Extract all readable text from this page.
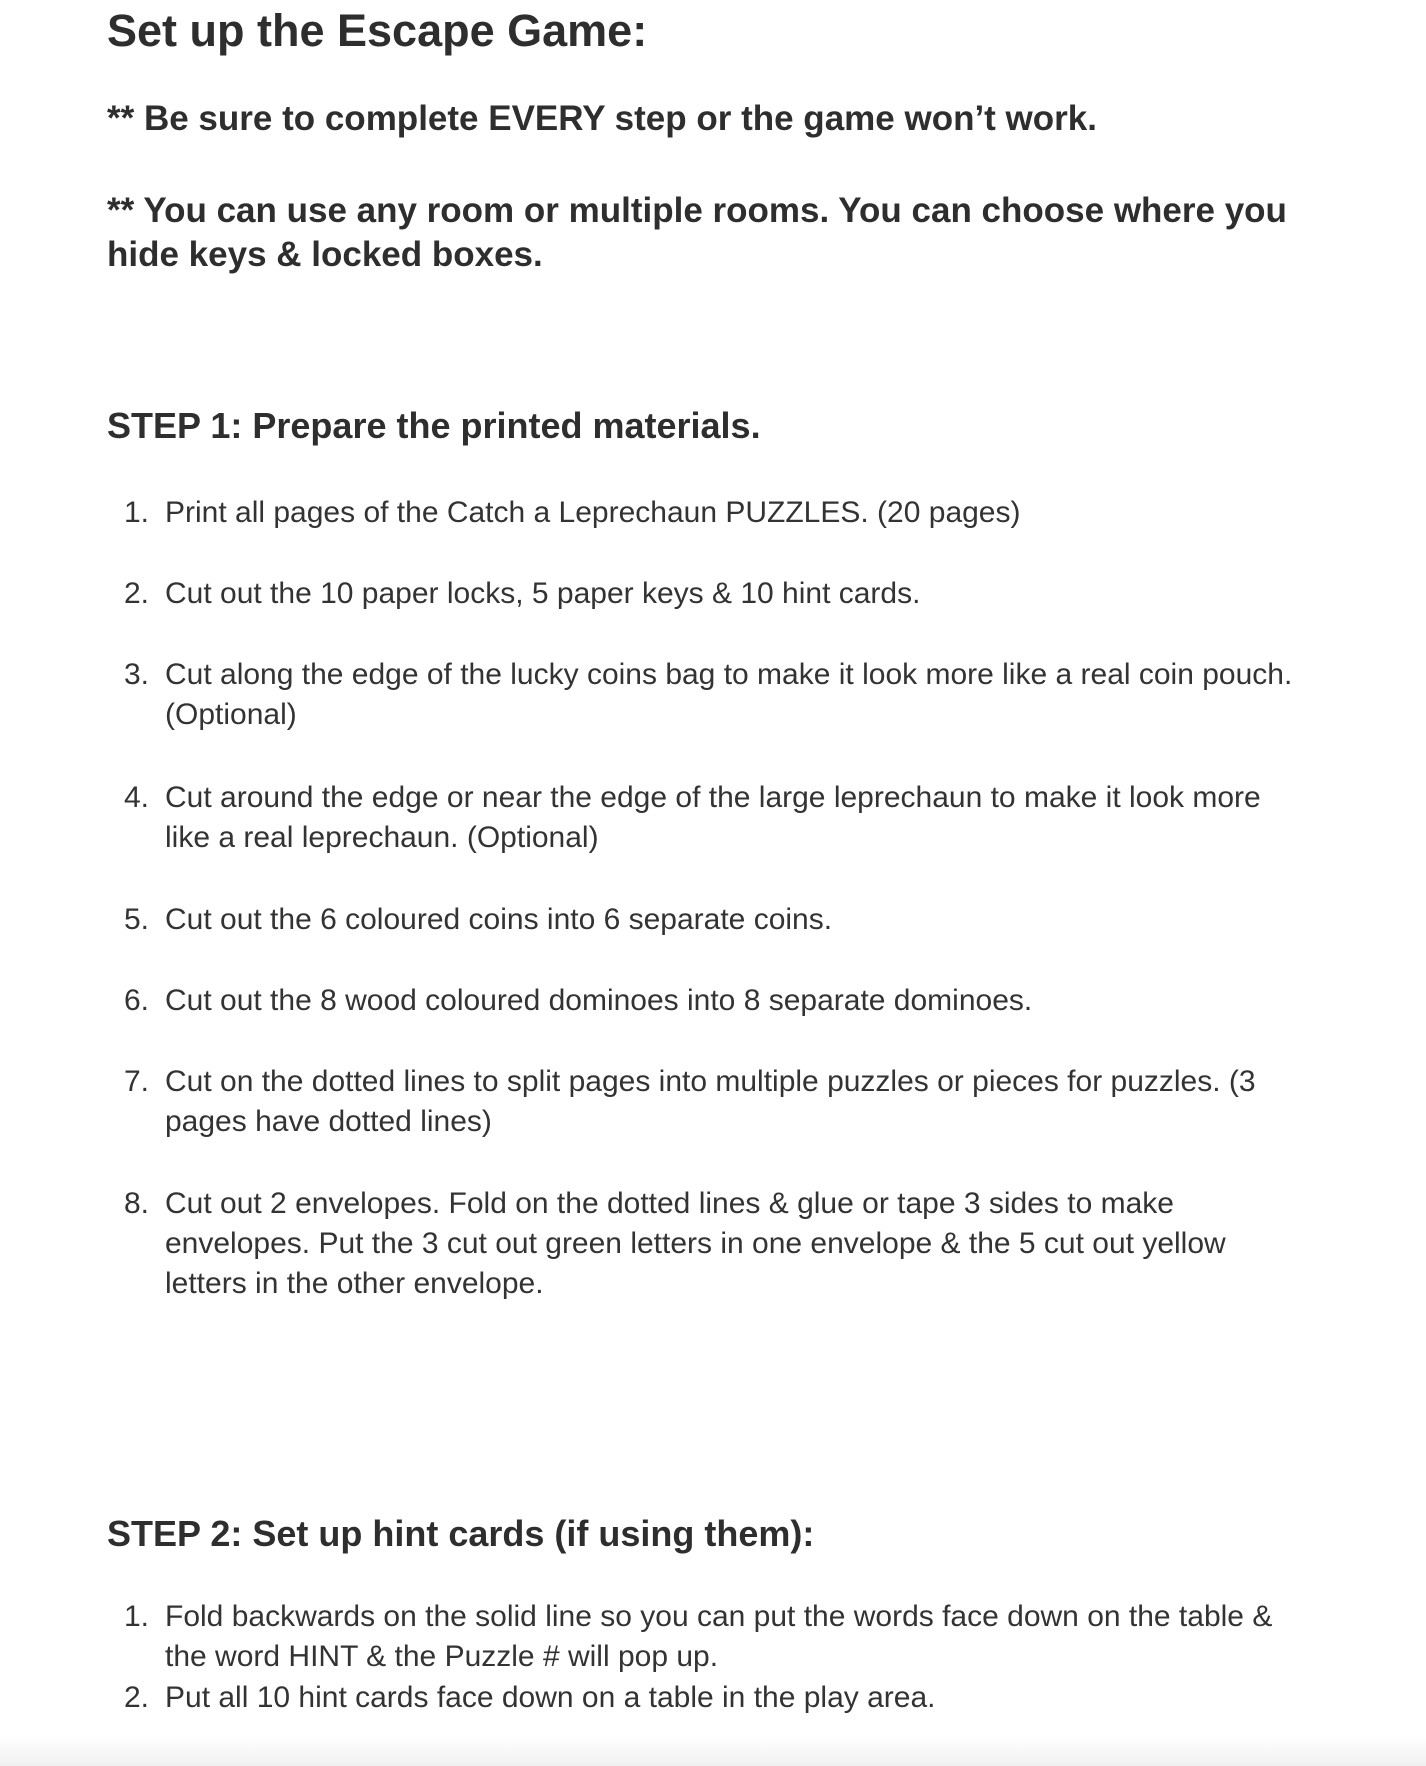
Set up the Escape Game:

** Be sure to complete EVERY step or the game won’t work.

** You can use any room or multiple rooms. You can choose where you hide keys & locked boxes.

STEP 1: Prepare the printed materials.
1. Print all pages of the Catch a Leprechaun PUZZLES. (20 pages)
2. Cut out the 10 paper locks, 5 paper keys & 10 hint cards.
3. Cut along the edge of the lucky coins bag to make it look more like a real coin pouch. (Optional)
4. Cut around the edge or near the edge of the large leprechaun to make it look more like a real leprechaun. (Optional)
5. Cut out the 6 coloured coins into 6 separate coins.
6. Cut out the 8 wood coloured dominoes into 8 separate dominoes.
7. Cut on the dotted lines to split pages into multiple puzzles or pieces for puzzles. (3 pages have dotted lines)
8. Cut out 2 envelopes. Fold on the dotted lines & glue or tape 3 sides to make envelopes. Put the 3 cut out green letters in one envelope & the 5 cut out yellow letters in the other envelope.
STEP 2: Set up hint cards (if using them):
1. Fold backwards on the solid line so you can put the words face down on the table & the word HINT & the Puzzle # will pop up.
2. Put all 10 hint cards face down on a table in the play area.
